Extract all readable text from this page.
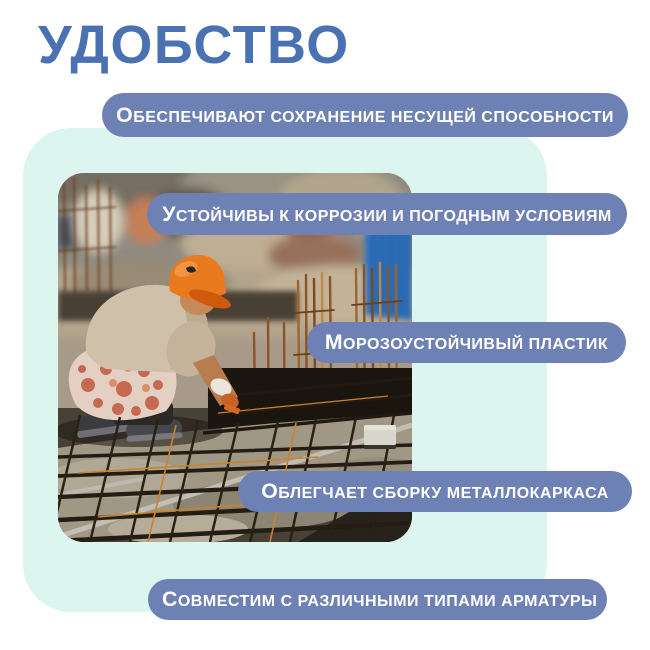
УДОБСТВО
ОБЕСПЕЧИВАЮТ СОХРАНЕНИЕ НЕСУЩЕЙ СПОСОБНОСТИ
УСТОЙЧИВЫ К КОРРОЗИИ И ПОГОДНЫМ УСЛОВИЯМ
МОРОЗОУСТОЙЧИВЫЙ ПЛАСТИК
ОБЛЕГЧАЕТ СБОРКУ МЕТАЛЛОКАРКАСА
СОВМЕСТИМ С РАЗЛИЧНЫМИ ТИПАМИ АРМАТУРЫ
